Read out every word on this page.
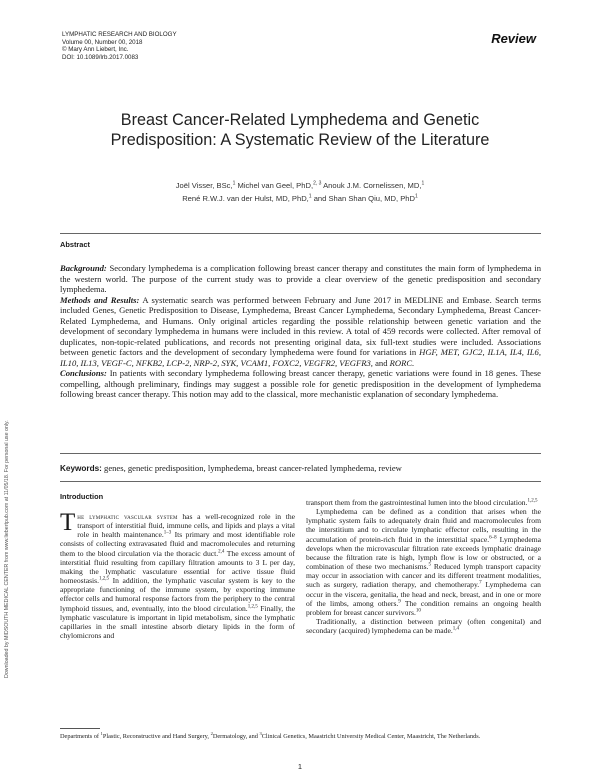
Downloaded by MIDSOUTH MEDICAL CENTER from www.liebertpub.com at 11/05/18. For personal use only.
LYMPHATIC RESEARCH AND BIOLOGY
Volume 00, Number 00, 2018
© Mary Ann Liebert, Inc.
DOI: 10.1089/lrb.2017.0083
Review
Breast Cancer-Related Lymphedema and Genetic
Predisposition: A Systematic Review of the Literature
Joël Visser, BSc,$^1$ Michel van Geel, PhD,$^{2, 3}$ Anouk J.M. Cornelissen, MD,$^1$
René R.W.J. van der Hulst, MD, PhD,$^1$ and Shan Shan Qiu, MD, PhD$^1$
Abstract

Background: Secondary lymphedema is a complication following breast cancer therapy and constitutes the main form of lymphedema in the western world. The purpose of the current study was to provide a clear overview of the genetic predisposition and secondary lymphedema.

Methods and Results: A systematic search was performed between February and June 2017 in MEDLINE and Embase. Search terms included Genes, Genetic Predisposition to Disease, Lymphedema, Breast Cancer Lymphedema, Secondary Lymphedema, Breast Cancer-Related Lymphedema, and Humans. Only original articles regarding the possible relationship between genetic variation and the development of secondary lymphedema in humans were included in this review. A total of 459 records were collected. After removal of duplicates, non-topic-related publications, and records not presenting original data, six full-text studies were included. Associations between genetic factors and the development of secondary lymphedema were found for variations in HGF, MET, GJC2, IL1A, IL4, IL6, IL10, IL13, VEGF-C, NFKB2, LCP-2, NRP-2, SYK, VCAM1, FOXC2, VEGFR2, VEGFR3, and RORC.

Conclusions: In patients with secondary lymphedema following breast cancer therapy, genetic variations were found in 18 genes. These compelling, although preliminary, findings may suggest a possible role for genetic predisposition in the development of lymphedema following breast cancer therapy. This notion may add to the classical, more mechanistic explanation of secondary lymphedema.

Keywords: genes, genetic predisposition, lymphedema, breast cancer-related lymphedema, review
Introduction
The lymphatic vascular system has a well-recognized role in the transport of interstitial fluid, immune cells, and lipids and plays a vital role in health maintenance.$^{1-3}$ Its primary and most identifiable role consists of collecting extravasated fluid and macromolecules and returning them to the blood circulation via the thoracic duct.$^{2,4}$ The excess amount of interstitial fluid resulting from capillary filtration amounts to 3 L per day, making the lymphatic vasculature essential for active tissue fluid homeostasis.$^{1,2,5}$ In addition, the lymphatic vascular system is key to the appropriate functioning of the immune system, by exporting immune effector cells and humoral response factors from the periphery to the central lymphoid tissues, and, eventually, into the blood circulation.$^{1,2,5}$ Finally, the lymphatic vasculature is important in lipid metabolism, since the lymphatic capillaries in the small intestine absorb dietary lipids in the form of chylomicrons and

transport them from the gastrointestinal lumen into the blood circulation.$^{1,2,5}$

Lymphedema can be defined as a condition that arises when the lymphatic system fails to adequately drain fluid and macromolecules from the interstitium and to circulate lymphatic effector cells, resulting in the accumulation of protein-rich fluid in the interstitial space.$^{6-8}$ Lymphedema develops when the microvascular filtration rate exceeds lymphatic drainage because the filtration rate is high, lymph flow is low or obstructed, or a combination of these two mechanisms.$^5$ Reduced lymph transport capacity may occur in association with cancer and its different treatment modalities, such as surgery, radiation therapy, and chemotherapy.$^7$ Lymphedema can occur in the viscera, genitalia, the head and neck, breast, and in one or more of the limbs, among others.$^9$ The condition remains an ongoing health problem for breast cancer survivors.$^{10}$

Traditionally, a distinction between primary (often congenital) and secondary (acquired) lymphedema can be made.$^{1,4}$

Departments of $^1$Plastic, Reconstructive and Hand Surgery, $^2$Dermatology, and $^3$Clinical Genetics, Maastricht University Medical Center, Maastricht, The Netherlands.
1
